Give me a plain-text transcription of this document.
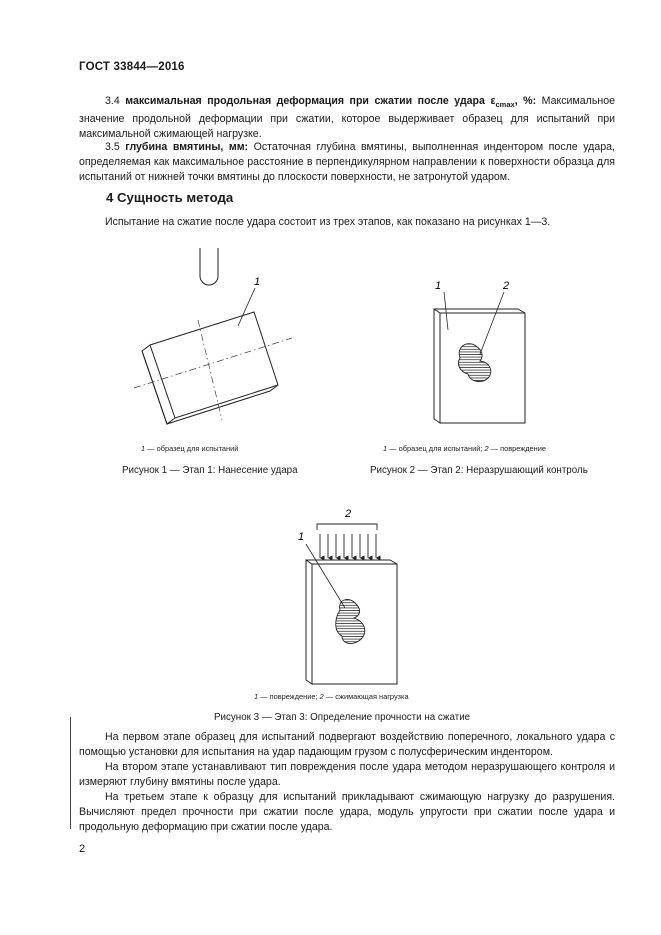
ГОСТ 33844—2016

3.4 максимальная продольная деформация при сжатии после удара $\varepsilon_{cmax}$, %: Максимальное значение продольной деформации при сжатии, которое выдерживает образец для испытаний при максимальной сжимающей нагрузке.

3.5 глубина вмятины, мм: Остаточная глубина вмятины, выполненная индентором после удара, определяемая как максимальное расстояние в перпендикулярном направлении к поверхности образца для испытаний от нижней точки вмятины до плоскости поверхности, не затронутой ударом.

4 Сущность метода

Испытание на сжатие после удара состоит из трех этапов, как показано на рисунках 1—3.

1
1 — образец для испытаний
Рисунок 1 — Этап 1: Нанесение удара
1	2
1 — образец для испытаний; 2 — повреждение
Рисунок 2 — Этап 2: Неразрушающий контроль
2
1
1 — повреждение; 2 — сжимающая нагрузка
Рисунок 3 — Этап 3: Определение прочности на сжатие

На первом этапе образец для испытаний подвергают воздействию поперечного, локального удара с помощью установки для испытания на удар падающим грузом с полусферическим индентором.

На втором этапе устанавливают тип повреждения после удара методом неразрушающего контроля и измеряют глубину вмятины после удара.

На третьем этапе к образцу для испытаний прикладывают сжимающую нагрузку до разрушения. Вычисляют предел прочности при сжатии после удара, модуль упругости при сжатии после удара и продольную деформацию при сжатии после удара.

2
